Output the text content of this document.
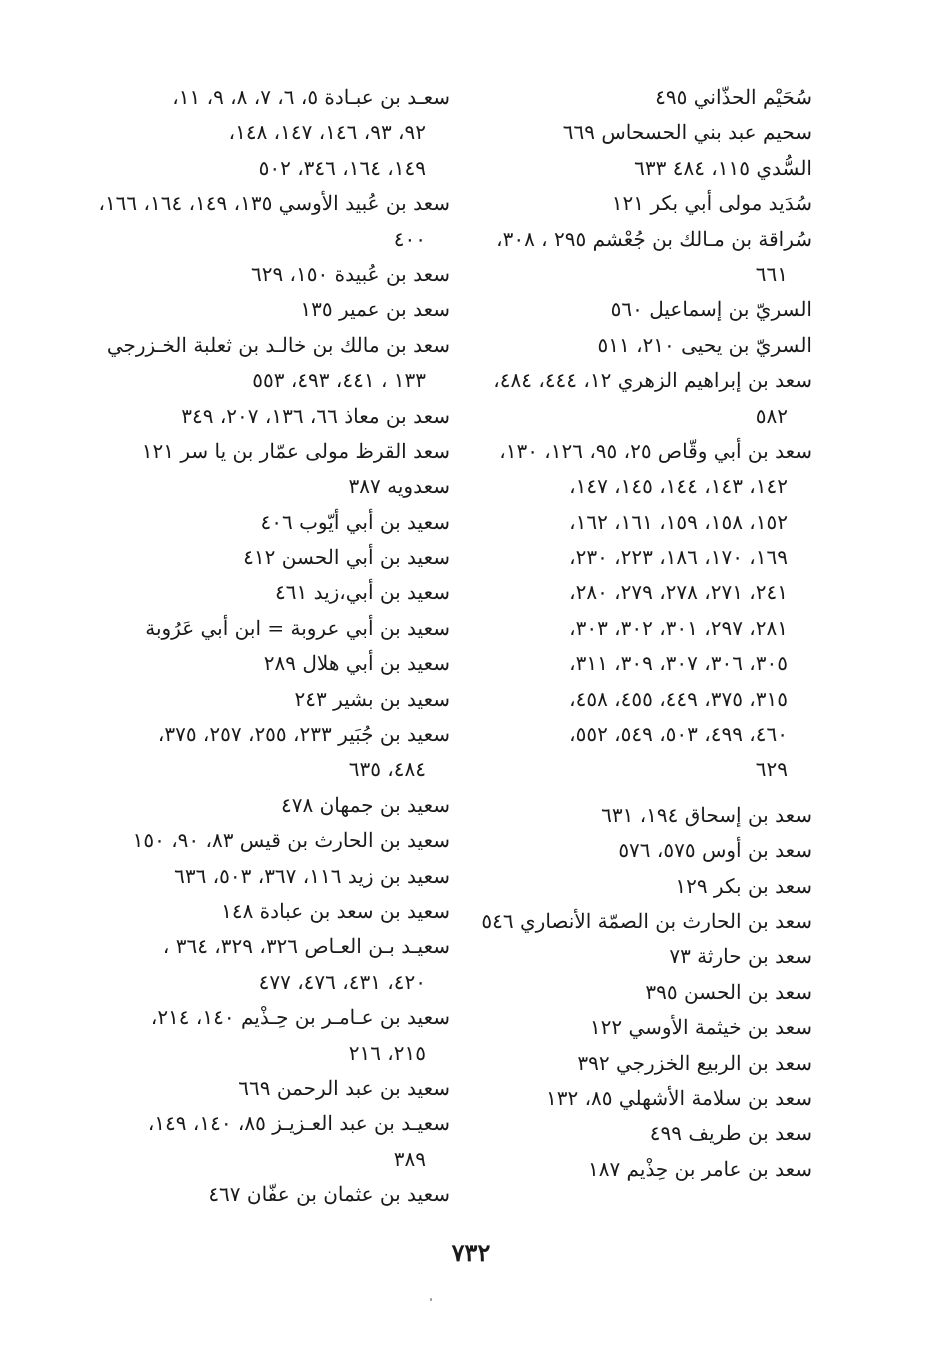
سُحَيْم الحذّاني ٤٩٥
سحيم عبد بني الحسحاس ٦٦٩
السُّدي ١١٥، ٤٨٤ ٦٣٣
سُدَيد مولى أبي بكر ١٢١
سُراقة بن مـالك بن جُعْشم ٢٩٥ ، ٣٠٨،
٦٦١
السريّ بن إسماعيل ٥٦٠
السريّ بن يحيى ٢١٠، ٥١١
سعد بن إبراهيم الزهري ١٢، ٤٤٤، ٤٨٤،
٥٨٢
سعد بن أبي وقّاص ٢٥، ٩٥، ١٢٦، ١٣٠،
١٤٢، ١٤٣، ١٤٤، ١٤٥، ١٤٧،
١٥٢، ١٥٨، ١٥٩، ١٦١، ١٦٢،
١٦٩، ١٧٠، ١٨٦، ٢٢٣، ٢٣٠،
٢٤١، ٢٧١، ٢٧٨، ٢٧٩، ٢٨٠،
٢٨١، ٢٩٧، ٣٠١، ٣٠٢، ٣٠٣،
٣٠٥، ٣٠٦، ٣٠٧، ٣٠٩، ٣١١،
٣١٥، ٣٧٥، ٤٤٩، ٤٥٥، ٤٥٨،
٤٦٠، ٤٩٩، ٥٠٣، ٥٤٩، ٥٥٢،
٦٢٩
سعد بن إسحاق ١٩٤، ٦٣١
سعد بن أوس ٥٧٥، ٥٧٦
سعد بن بكر ١٢٩
سعد بن الحارث بن الصمّة الأنصاري ٥٤٦
سعد بن حارثة ٧٣
سعد بن الحسن ٣٩٥
سعد بن خيثمة الأوسي ١٢٢
سعد بن الربيع الخزرجي ٣٩٢
سعد بن سلامة الأشهلي ٨٥، ١٣٢
سعد بن طريف ٤٩٩
سعد بن عامر بن حِذْيم ١٨٧
سعـد بن عبـادة ٥، ٦، ٧، ٨، ٩، ١١،
٩٢، ٩٣، ١٤٦، ١٤٧، ١٤٨،
١٤٩، ١٦٤، ٣٤٦، ٥٠٢
سعد بن عُبيد الأوسي ١٣٥، ١٤٩، ١٦٤، ١٦٦،
٤٠٠
سعد بن عُبيدة ١٥٠، ٦٢٩
سعد بن عمير ١٣٥
سعد بن مالك بن خالـد بن ثعلبة الخـزرجي
١٣٣ ، ٤٤١، ٤٩٣، ٥٥٣
سعد بن معاذ ٦٦، ١٣٦، ٢٠٧، ٣٤٩
سعد القرظ مولى عمّار بن يا سر ١٢١
سعدويه ٣٨٧
سعيد بن أبي أيّوب ٤٠٦
سعيد بن أبي الحسن ٤١٢
سعيد بن أبي،زيد ٤٦١
سعيد بن أبي عروبة = ابن أبي عَرُوبة
سعيد بن أبي هلال ٢٨٩
سعيد بن بشير ٢٤٣
سعيد بن جُبَير ٢٣٣، ٢٥٥، ٢٥٧، ٣٧٥،
٤٨٤، ٦٣٥
سعيد بن جمهان ٤٧٨
سعيد بن الحارث بن قيس ٨٣، ٩٠، ١٥٠
سعيد بن زيد ١١٦، ٣٦٧، ٥٠٣، ٦٣٦
سعيد بن سعد بن عبادة ١٤٨
سعيـد بـن العـاص ٣٢٦، ٣٢٩، ٣٦٤ ،
٤٢٠، ٤٣١، ٤٧٦، ٤٧٧
سعيد بن عـامـر بن حِـذْيم ١٤٠، ٢١٤،
٢١٥، ٢١٦
سعيد بن عبد الرحمن ٦٦٩
سعيـد بن عبد العـزيـز ٨٥، ١٤٠، ١٤٩،
٣٨٩
سعيد بن عثمان بن عفّان ٤٦٧
٧٣٢
